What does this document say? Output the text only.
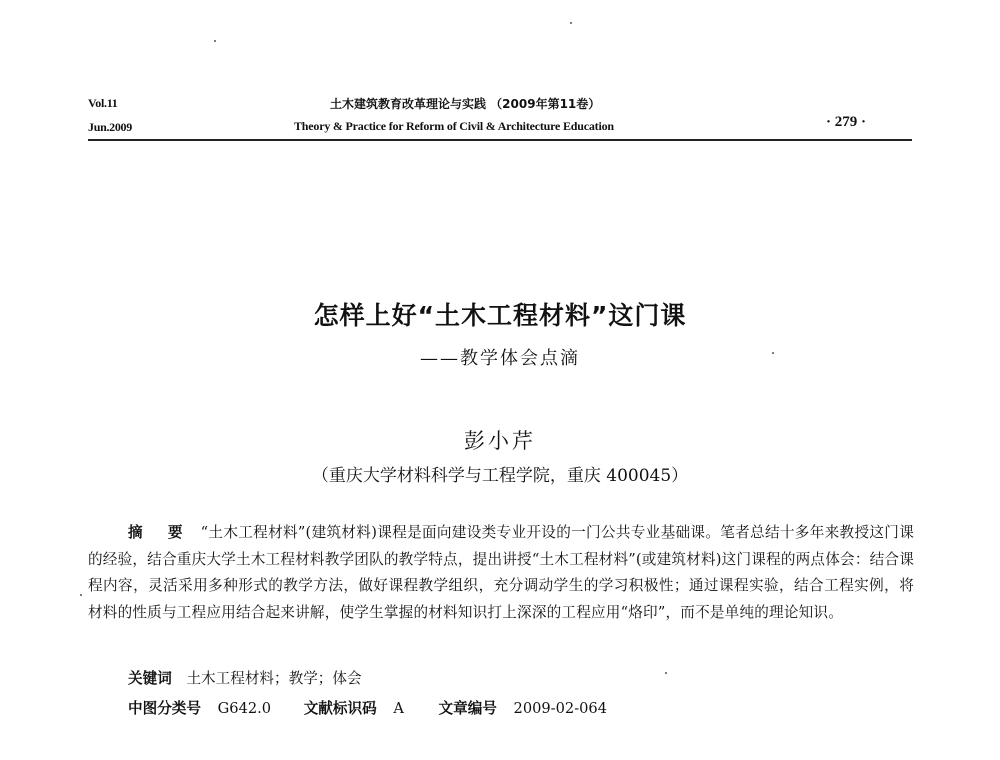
Vol.11
Jun.2009
土木建筑教育改革理论与实践 （2009年第11卷）
Theory & Practice for Reform of Civil & Architecture Education	· 279 ·
怎样上好“土木工程材料”这门课
——教学体会点滴
彭小芹
（重庆大学材料科学与工程学院，重庆 400045）
摘 要 “土木工程材料”(建筑材料)课程是面向建设类专业开设的一门公共专业基础课。笔者总结十多年来教授这门课的经验，结合重庆大学土木工程材料教学团队的教学特点，提出讲授“土木工程材料”(或建筑材料)这门课程的两点体会：结合课程内容，灵活采用多种形式的教学方法，做好课程教学组织，充分调动学生的学习积极性；通过课程实验，结合工程实例，将材料的性质与工程应用结合起来讲解，使学生掌握的材料知识打上深深的工程应用“烙印”，而不是单纯的理论知识。
关键词 土木工程材料；教学；体会
中图分类号 G642.0 文献标识码 A 文章编号 2009-02-064
